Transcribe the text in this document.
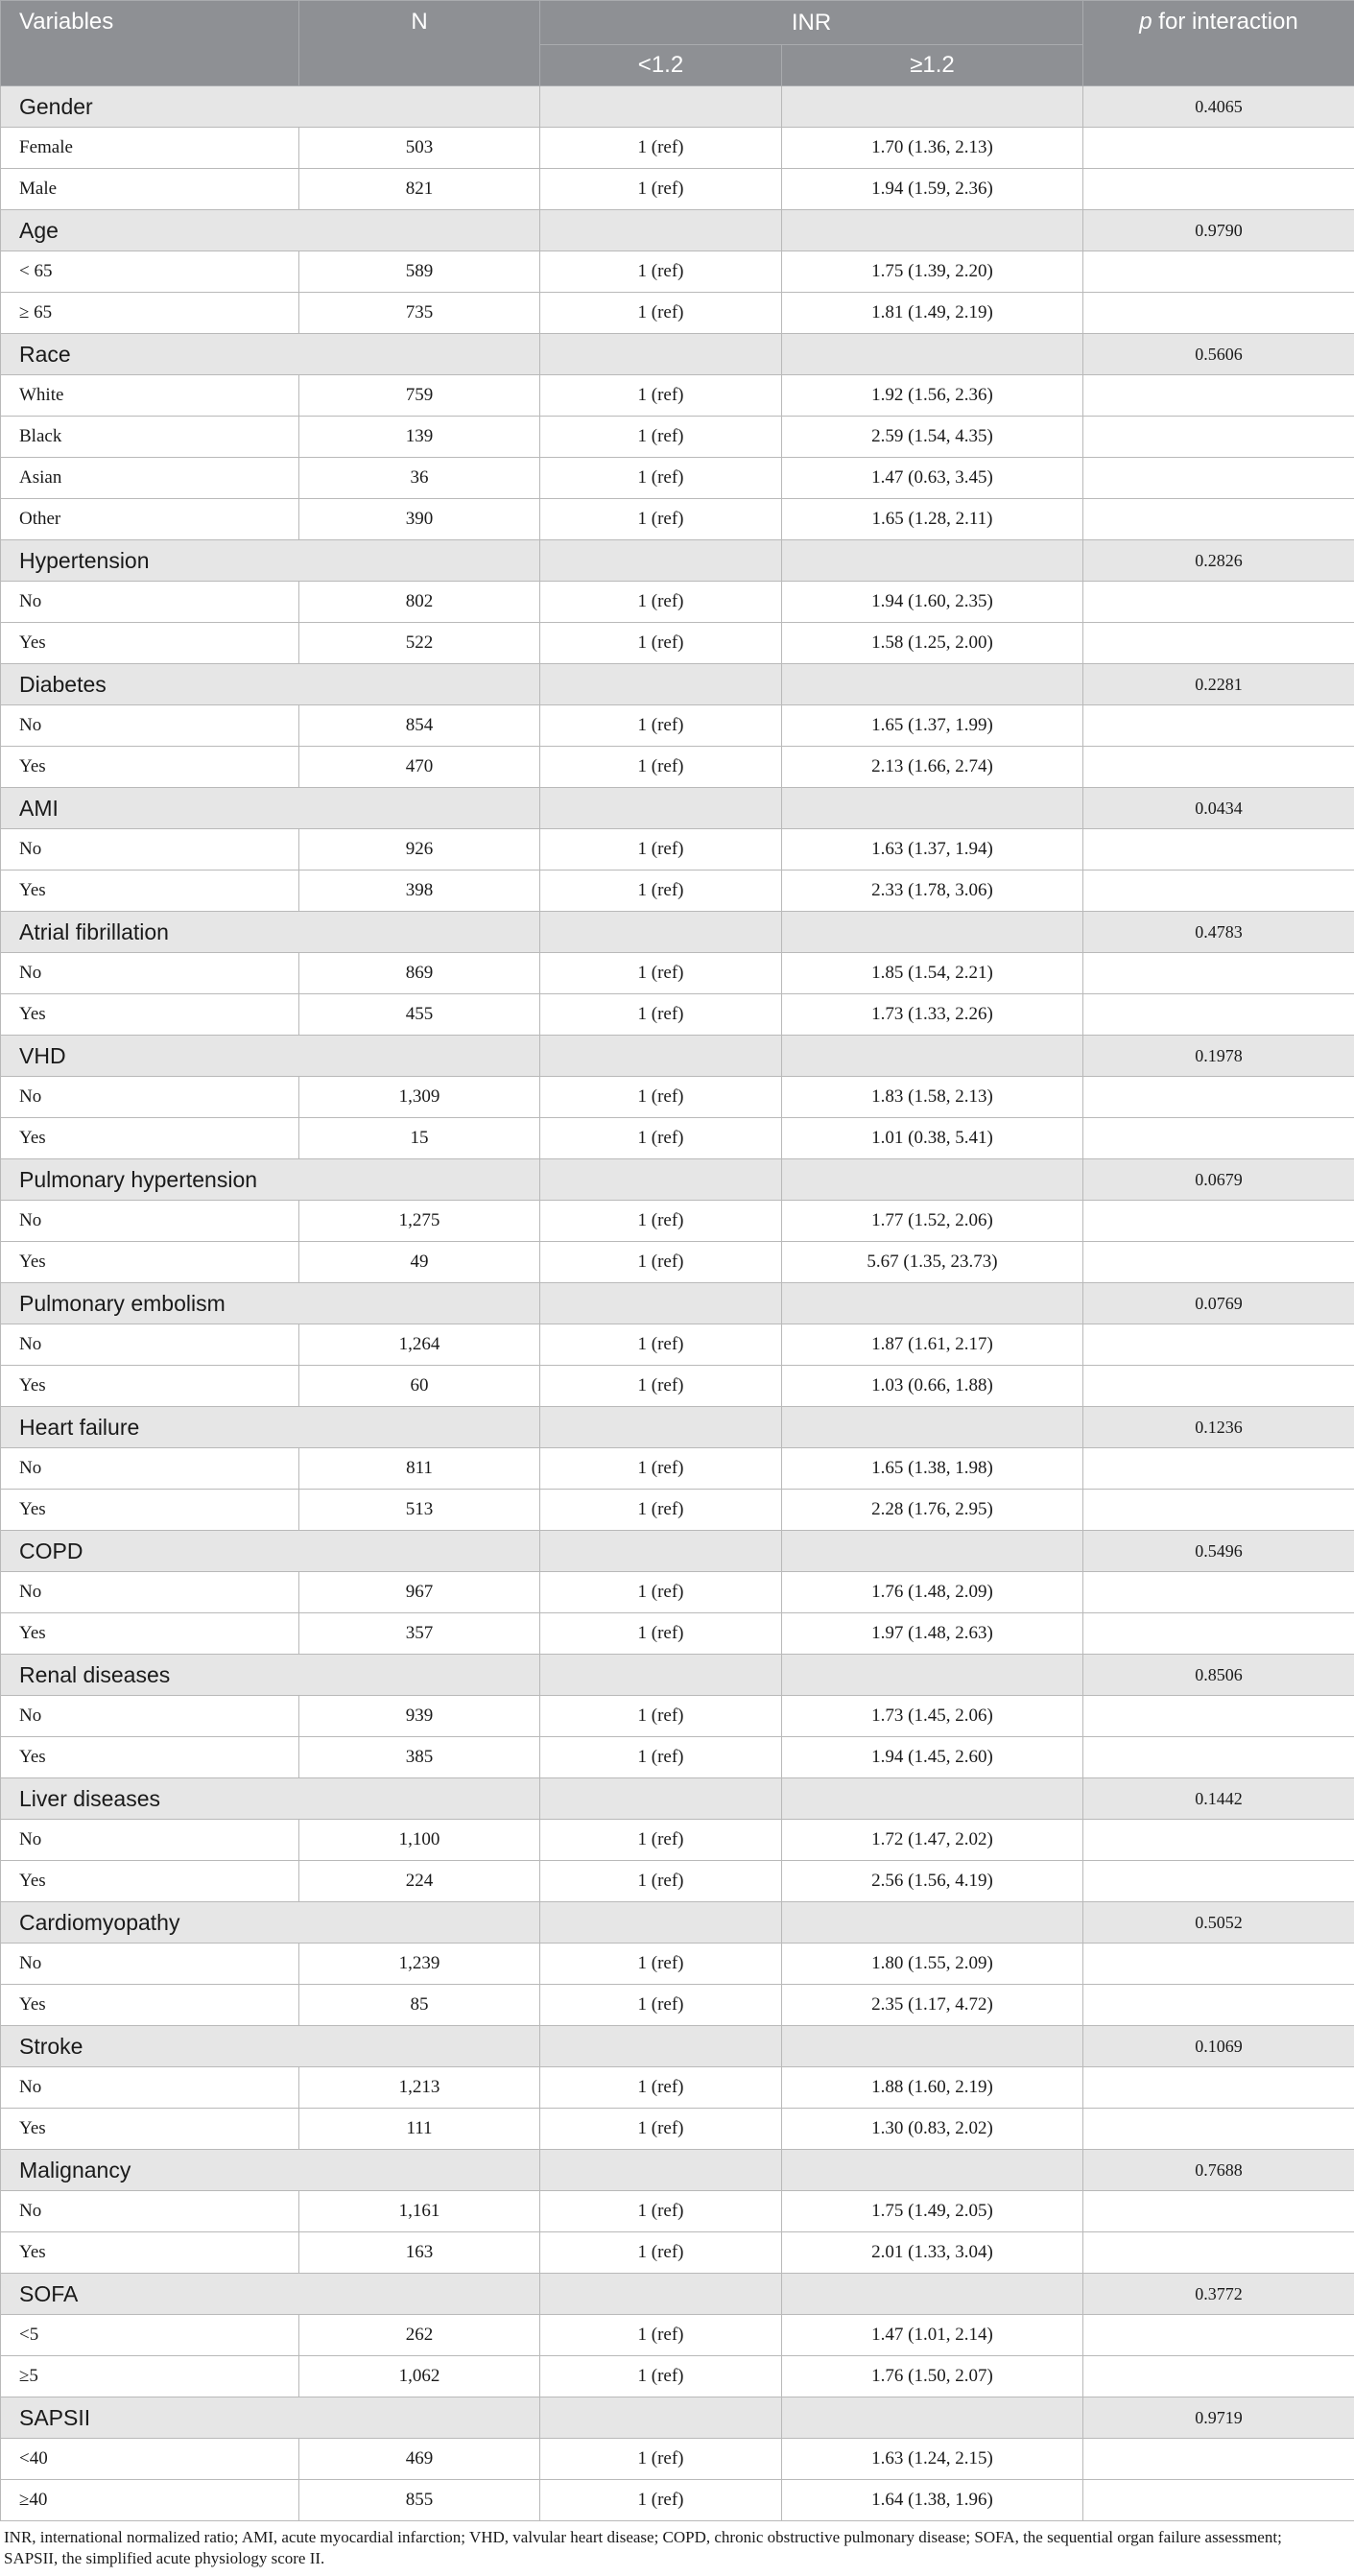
Variables	N	INR		p for interaction
		<1.2	≥1.2	
Gender				0.4065
Female	503	1 (ref)	1.70 (1.36, 2.13)	
Male	821	1 (ref)	1.94 (1.59, 2.36)	
Age				0.9790
< 65	589	1 (ref)	1.75 (1.39, 2.20)	
≥ 65	735	1 (ref)	1.81 (1.49, 2.19)	
Race				0.5606
White	759	1 (ref)	1.92 (1.56, 2.36)	
Black	139	1 (ref)	2.59 (1.54, 4.35)	
Asian	36	1 (ref)	1.47 (0.63, 3.45)	
Other	390	1 (ref)	1.65 (1.28, 2.11)	
Hypertension				0.2826
No	802	1 (ref)	1.94 (1.60, 2.35)	
Yes	522	1 (ref)	1.58 (1.25, 2.00)	
Diabetes				0.2281
No	854	1 (ref)	1.65 (1.37, 1.99)	
Yes	470	1 (ref)	2.13 (1.66, 2.74)	
AMI				0.0434
No	926	1 (ref)	1.63 (1.37, 1.94)	
Yes	398	1 (ref)	2.33 (1.78, 3.06)	
Atrial fibrillation				0.4783
No	869	1 (ref)	1.85 (1.54, 2.21)	
Yes	455	1 (ref)	1.73 (1.33, 2.26)	
VHD				0.1978
No	1,309	1 (ref)	1.83 (1.58, 2.13)	
Yes	15	1 (ref)	1.01 (0.38, 5.41)	
Pulmonary hypertension				0.0679
No	1,275	1 (ref)	1.77 (1.52, 2.06)	
Yes	49	1 (ref)	5.67 (1.35, 23.73)	
Pulmonary embolism				0.0769
No	1,264	1 (ref)	1.87 (1.61, 2.17)	
Yes	60	1 (ref)	1.03 (0.66, 1.88)	
Heart failure				0.1236
No	811	1 (ref)	1.65 (1.38, 1.98)	
Yes	513	1 (ref)	2.28 (1.76, 2.95)	
COPD				0.5496
No	967	1 (ref)	1.76 (1.48, 2.09)	
Yes	357	1 (ref)	1.97 (1.48, 2.63)	
Renal diseases				0.8506
No	939	1 (ref)	1.73 (1.45, 2.06)	
Yes	385	1 (ref)	1.94 (1.45, 2.60)	
Liver diseases				0.1442
No	1,100	1 (ref)	1.72 (1.47, 2.02)	
Yes	224	1 (ref)	2.56 (1.56, 4.19)	
Cardiomyopathy				0.5052
No	1,239	1 (ref)	1.80 (1.55, 2.09)	
Yes	85	1 (ref)	2.35 (1.17, 4.72)	
Stroke				0.1069
No	1,213	1 (ref)	1.88 (1.60, 2.19)	
Yes	111	1 (ref)	1.30 (0.83, 2.02)	
Malignancy				0.7688
No	1,161	1 (ref)	1.75 (1.49, 2.05)	
Yes	163	1 (ref)	2.01 (1.33, 3.04)	
SOFA				0.3772
<5	262	1 (ref)	1.47 (1.01, 2.14)	
≥5	1,062	1 (ref)	1.76 (1.50, 2.07)	
SAPSII				0.9719
<40	469	1 (ref)	1.63 (1.24, 2.15)	
≥40	855	1 (ref)	1.64 (1.38, 1.96)	
INR, international normalized ratio; AMI, acute myocardial infarction; VHD, valvular heart disease; COPD, chronic obstructive pulmonary disease; SOFA, the sequential organ failure assessment;
SAPSII, the simplified acute physiology score II.
